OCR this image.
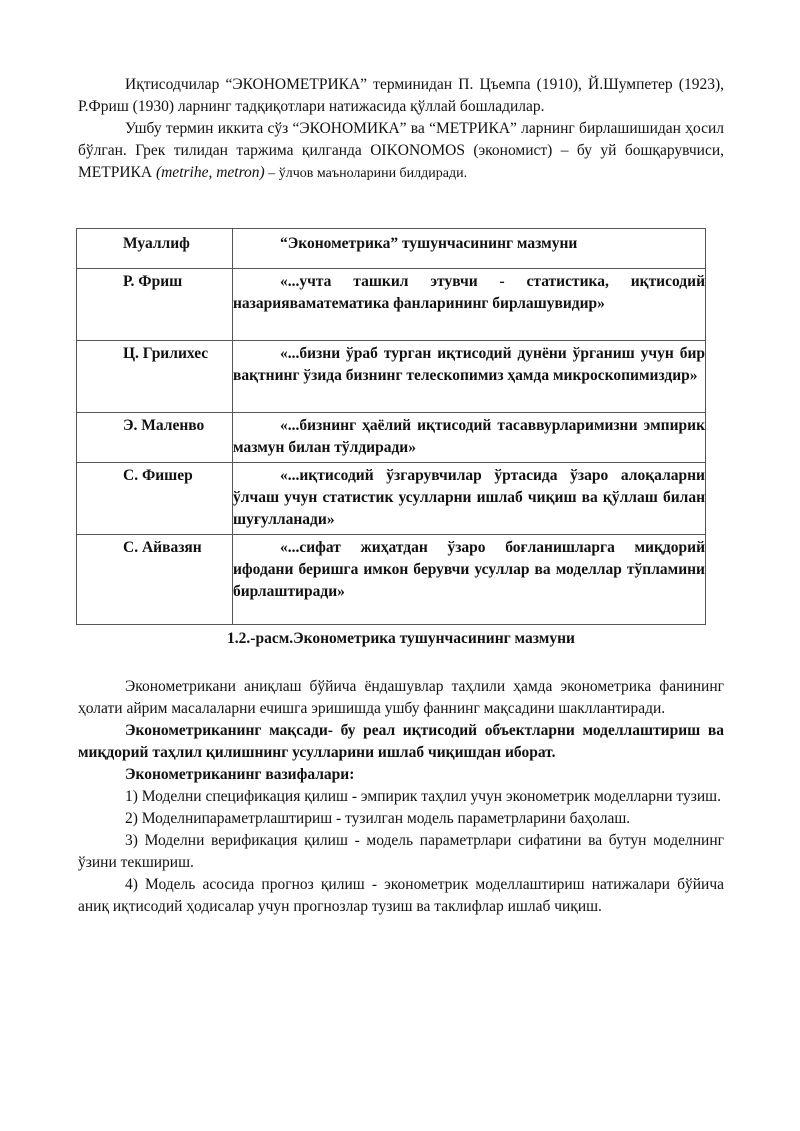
Иқтисодчилар “ЭКОНОМЕТРИКА” терминидан П. Цъемпа (1910), Й.Шумпетер (1923), Р.Фриш (1930) ларнинг тадқиқотлари натижасида қўллай бошладилар.

Ушбу термин иккита сўз “ЭКОНОМИКА” ва “МЕТРИКА” ларнинг бирлашишидан ҳосил бўлган. Грек тилидан таржима қилганда OIKONOMOS (экономист) – бу уй бошқарувчиси, МЕТРИКА (metrihe, metron) – ўлчов маъноларини билдиради.

Муаллиф	“Эконометрика” тушунчасининг мазмуни
Р. Фриш	«...учта ташкил этувчи - статистика, иқтисодий назариявамaтематика фанларининг бирлашувидир»
Ц. Грилихес	«...бизни ўраб турган иқтисодий дунёни ўрганиш учун бир вақтнинг ўзида бизнинг телескопимиз ҳамда микроскопимиздир»
Э. Маленво	«...бизнинг ҳаёлий иқтисодий тасаввурларимизни эмпирик мазмун билан тўлдиради»
С. Фишер	«...иқтисодий ўзгарувчилар ўртасида ўзаро алоқаларни ўлчаш учун статистик усулларни ишлаб чиқиш ва қўллаш билан шуғулланади»
С. Айвазян	«...сифат жиҳатдан ўзаро боғланишларга миқдорий ифодани беришга имкон берувчи усуллар ва моделлар тўпламини бирлаштиради»
1.2.-расм.Эконометрика тушунчасининг мазмуни

Эконометрикани аниқлаш бўйича ёндашувлар таҳлили ҳамда эконометрика фанининг ҳолати айрим масалаларни ечишга эришишда ушбу фаннинг мақсадини шакллантиради.

Эконометриканинг мақсади- бу реал иқтисодий объектларни моделлаштириш ва миқдорий таҳлил қилишнинг усулларини ишлаб чиқишдан иборат.

Эконометриканинг вазифалари:

1) Моделни спецификация қилиш - эмпирик таҳлил учун эконометрик моделларни тузиш.
2) Моделнипараметрлаштириш - тузилган модель параметрларини баҳолаш.
3) Моделни верификация қилиш - модель параметрлари сифатини ва бутун моделнинг ўзини текшириш.
4) Модель асосида прогноз қилиш - эконометрик моделлаштириш натижалари бўйича аниқ иқтисодий ҳодисалар учун прогнозлар тузиш ва таклифлар ишлаб чиқиш.
